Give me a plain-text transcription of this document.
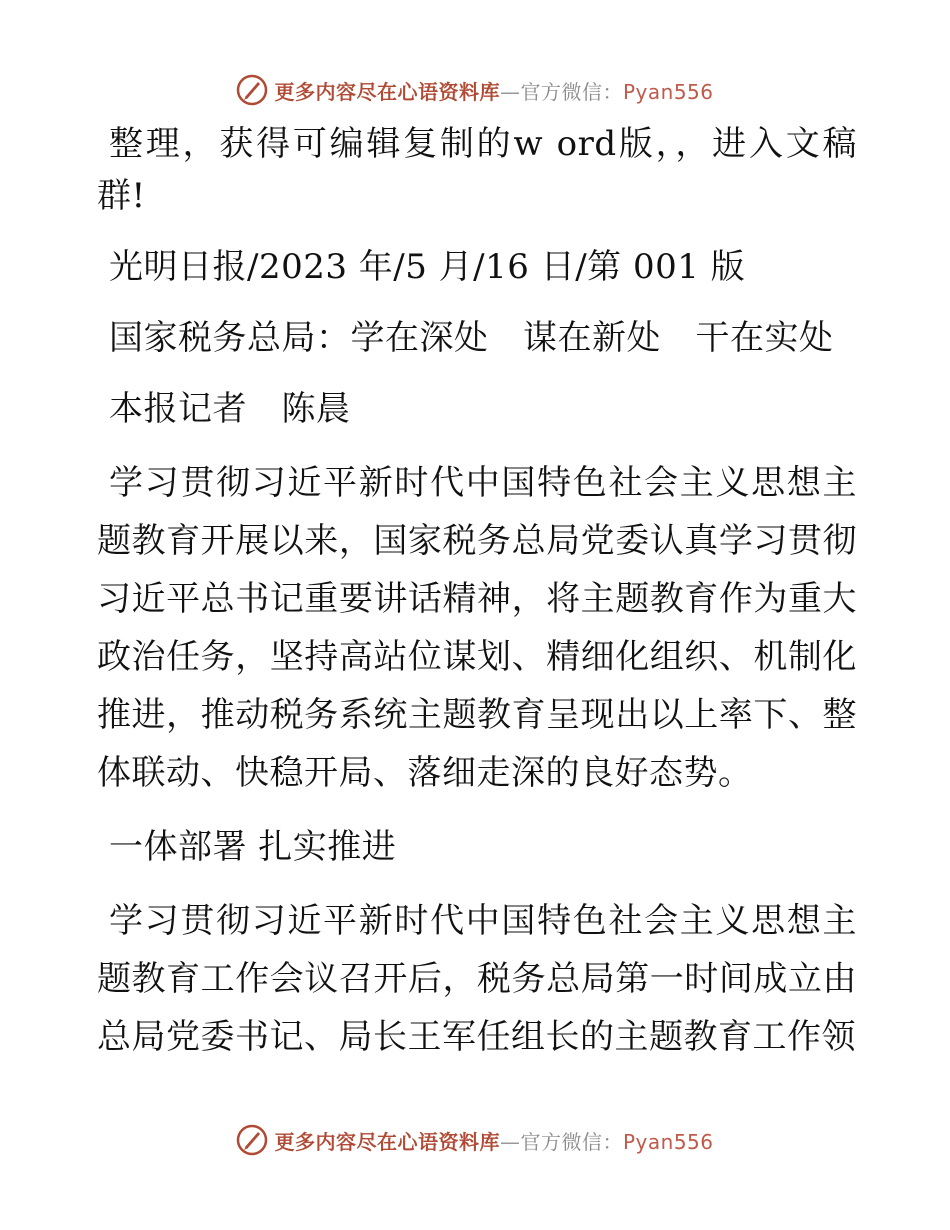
更多内容尽在心语资料库—官方微信：Pyan556

整理，获得可编辑复制的w ord版，，进入文稿群!

光明日报/2023 年/5 月/16 日/第 001 版

国家税务总局：学在深处　谋在新处　干在实处

本报记者　陈晨

学习贯彻习近平新时代中国特色社会主义思想主题教育开展以来，国家税务总局党委认真学习贯彻习近平总书记重要讲话精神，将主题教育作为重大政治任务，坚持高站位谋划、精细化组织、机制化推进，推动税务系统主题教育呈现出以上率下、整体联动、快稳开局、落细走深的良好态势。

一体部署 扎实推进

学习贯彻习近平新时代中国特色社会主义思想主题教育工作会议召开后，税务总局第一时间成立由总局党委书记、局长王军任组长的主题教育工作领

更多内容尽在心语资料库—官方微信：Pyan556
